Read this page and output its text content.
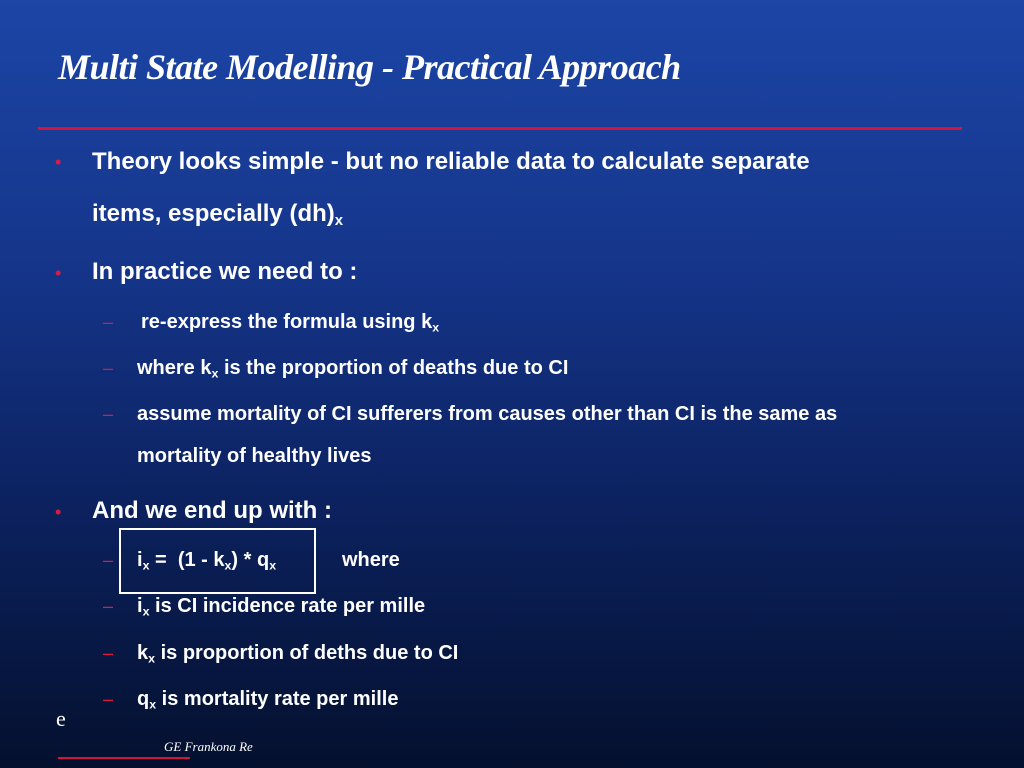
Multi State Modelling - Practical Approach
• Theory looks simple - but no reliable data to calculate separate
items, especially $(dh)_x$
• In practice we need to :
– re-express the formula using $k_x$
– where $k_x$ is the proportion of deaths due to CI
– assume mortality of CI sufferers from causes other than CI is the same as
mortality of healthy lives
• And we end up with :
– $i_x = (1 - k_x) * q_x$	where
– $i_x$ is CI incidence rate per mille
– $k_x$ is proportion of deths due to CI
– $q_x$ is mortality rate per mille
e
GE Frankona Re
